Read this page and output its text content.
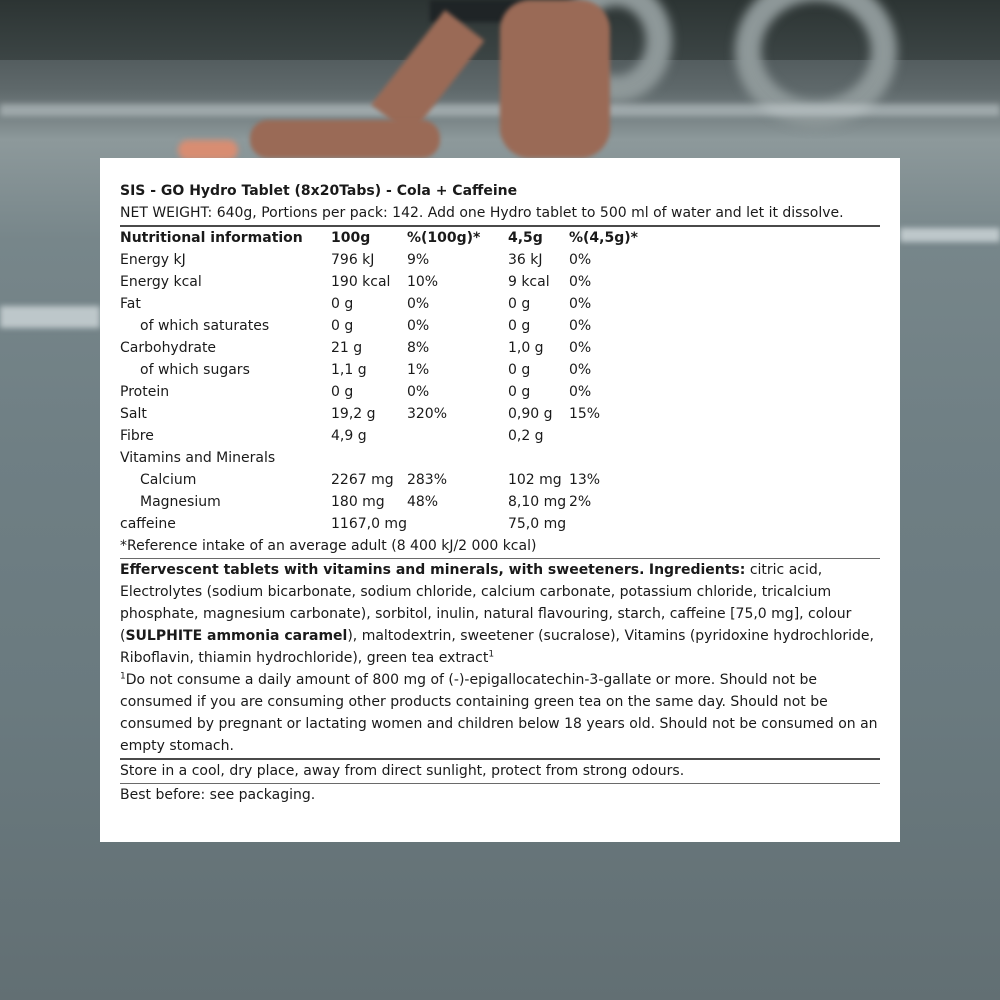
SIS - GO Hydro Tablet (8x20Tabs) - Cola + Caffeine
NET WEIGHT: 640g, Portions per pack: 142. Add one Hydro tablet to 500 ml of water and let it dissolve.
Nutritional information	100g	%(100g)*	4,5g	%(4,5g)*
Energy kJ	796 kJ	9%	36 kJ	0%
Energy kcal	190 kcal	10%	9 kcal	0%
Fat	0 g	0%	0 g	0%
of which saturates	0 g	0%	0 g	0%
Carbohydrate	21 g	8%	1,0 g	0%
of which sugars	1,1 g	1%	0 g	0%
Protein	0 g	0%	0 g	0%
Salt	19,2 g	320%	0,90 g	15%
Fibre	4,9 g		0,2 g	
Vitamins and Minerals				
Calcium	2267 mg	283%	102 mg	13%
Magnesium	180 mg	48%	8,10 mg	2%
caffeine	1167,0 mg		75,0 mg	
*Reference intake of an average adult (8 400 kJ/2 000 kcal)
Effervescent tablets with vitamins and minerals, with sweeteners. Ingredients: citric acid, Electrolytes (sodium bicarbonate, sodium chloride, calcium carbonate, potassium chloride, tricalcium phosphate, magnesium carbonate), sorbitol, inulin, natural flavouring, starch, caffeine [75,0 mg], colour (SULPHITE ammonia caramel), maltodextrin, sweetener (sucralose), Vitamins (pyridoxine hydrochloride, Riboflavin, thiamin hydrochloride), green tea extract$^1$
$^1$Do not consume a daily amount of 800 mg of (-)-epigallocatechin-3-gallate or more. Should not be consumed if you are consuming other products containing green tea on the same day. Should not be consumed by pregnant or lactating women and children below 18 years old. Should not be consumed on an empty stomach.
Store in a cool, dry place, away from direct sunlight, protect from strong odours.
Best before: see packaging.
